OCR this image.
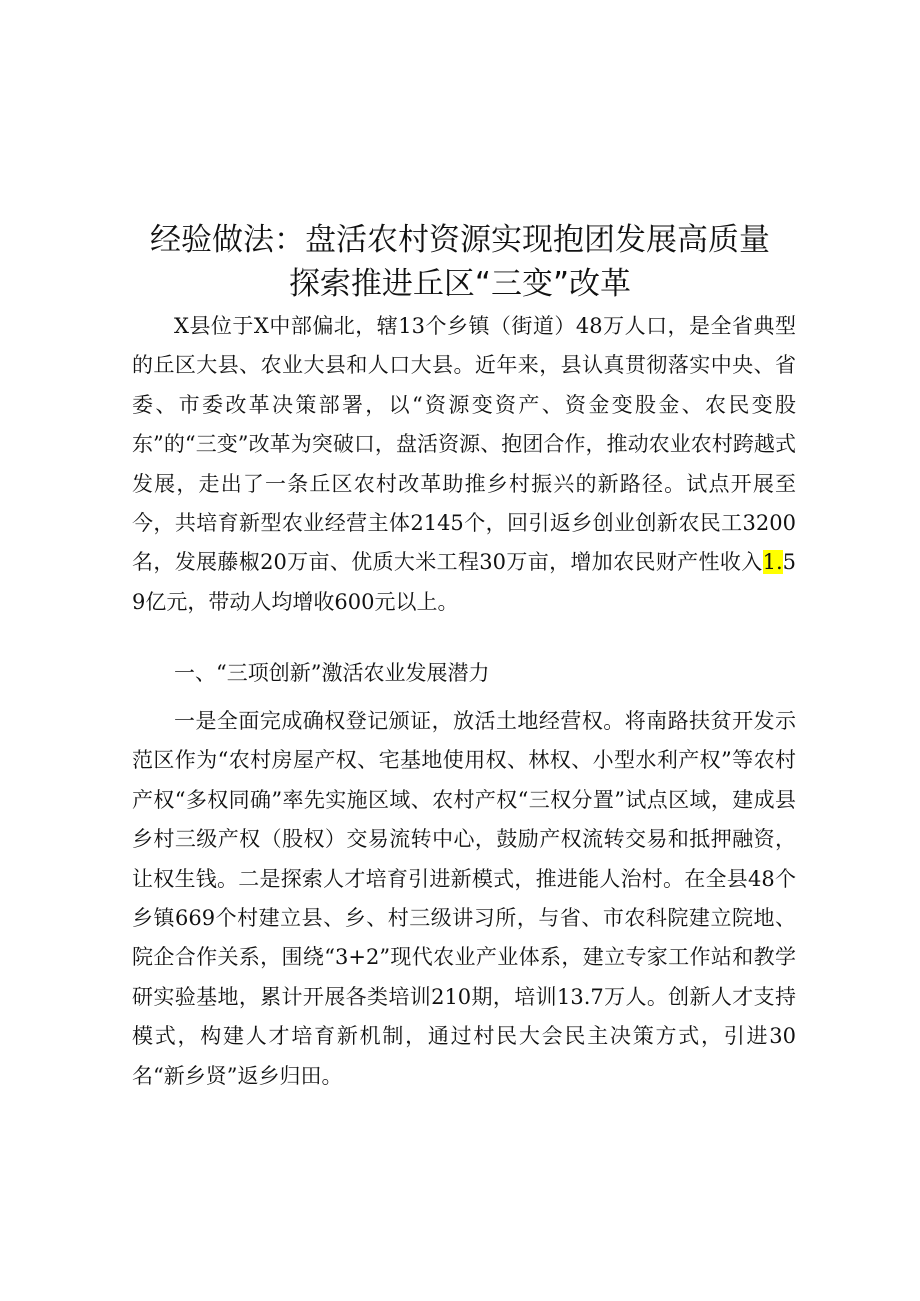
经验做法：盘活农村资源实现抱团发展高质量
探索推进丘区“三变”改革

X县位于X中部偏北，辖13个乡镇（街道）48万人口，是全省典型的丘区大县、农业大县和人口大县。近年来，县认真贯彻落实中央、省委、市委改革决策部署，以“资源变资产、资金变股金、农民变股东”的“三变”改革为突破口，盘活资源、抱团合作，推动农业农村跨越式发展，走出了一条丘区农村改革助推乡村振兴的新路径。试点开展至今，共培育新型农业经营主体2145个，回引返乡创业创新农民工3200名，发展藤椒20万亩、优质大米工程30万亩，增加农民财产性收入1.59亿元，带动人均增收600元以上。

一、“三项创新”激活农业发展潜力

一是全面完成确权登记颁证，放活土地经营权。将南路扶贫开发示范区作为“农村房屋产权、宅基地使用权、林权、小型水利产权”等农村产权“多权同确”率先实施区域、农村产权“三权分置”试点区域，建成县乡村三级产权（股权）交易流转中心，鼓励产权流转交易和抵押融资，让权生钱。二是探索人才培育引进新模式，推进能人治村。在全县48个乡镇669个村建立县、乡、村三级讲习所，与省、市农科院建立院地、院企合作关系，围绕“3+2”现代农业产业体系，建立专家工作站和教学研实验基地，累计开展各类培训210期，培训13.7万人。创新人才支持模式，构建人才培育新机制，通过村民大会民主决策方式，引进30名“新乡贤”返乡归田。
